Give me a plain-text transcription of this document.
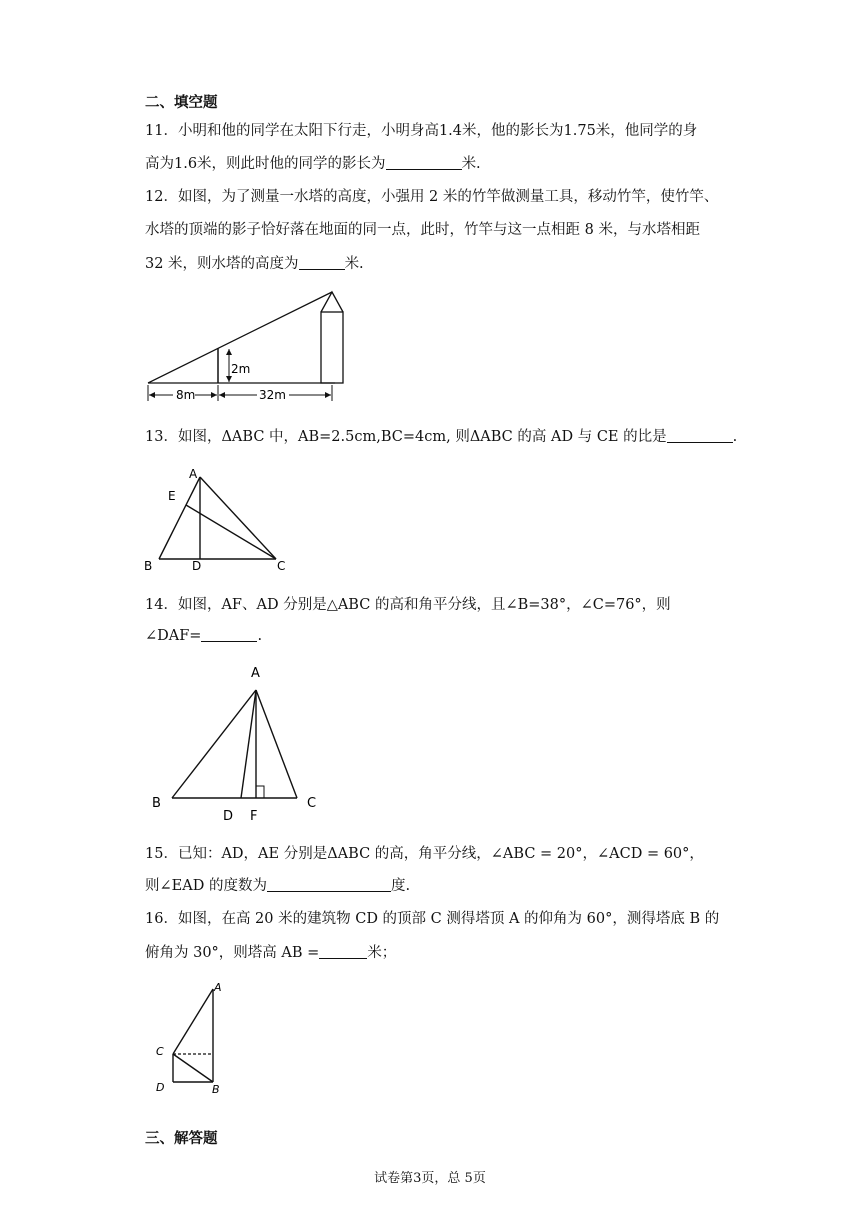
二、填空题
11．小明和他的同学在太阳下行走，小明身高1.4米，他的影长为1.75米，他同学的身
高为1.6米，则此时他的同学的影长为	米.
12．如图，为了测量一水塔的高度，小强用 2 米的竹竿做测量工具，移动竹竿，使竹竿、
水塔的顶端的影子恰好落在地面的同一点，此时，竹竿与这一点相距 8 米，与水塔相距
32 米，则水塔的高度为	米.
2m
8m	32m
13．如图，ΔABC 中，AB=2.5cm,BC=4cm, 则ΔABC 的高 AD 与 CE 的比是	.
A
E
B	D	C
14．如图，AF、AD 分别是△ABC 的高和角平分线，且∠B=38°，∠C=76°，则
∠DAF=	.
A
B
D F
C
15．已知：AD，AE 分别是ΔABC 的高，角平分线，∠ABC = 20°，∠ACD = 60°，
则∠EAD 的度数为	度.
16．如图，在高 20 米的建筑物 CD 的顶部 C 测得塔顶 A 的仰角为 60°，测得塔底 B 的
俯角为 30°，则塔高 AB =	米；
A
C
D	B
三、解答题
试卷第3页，总 5页
